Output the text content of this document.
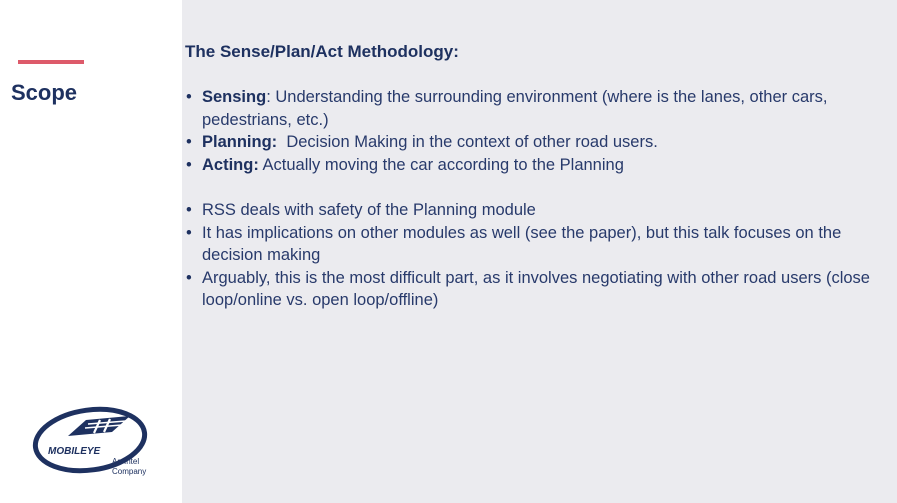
Scope
MOBILEYE
An Intel
Company
The Sense/Plan/Act Methodology:
• Sensing: Understanding the surrounding environment (where is the lanes, other cars, pedestrians, etc.)
• Planning:  Decision Making in the context of other road users.
• Acting: Actually moving the car according to the Planning
• RSS deals with safety of the Planning module
• It has implications on other modules as well (see the paper), but this talk focuses on the decision making
• Arguably, this is the most difficult part, as it involves negotiating with other road users (close loop/online vs. open loop/offline)
